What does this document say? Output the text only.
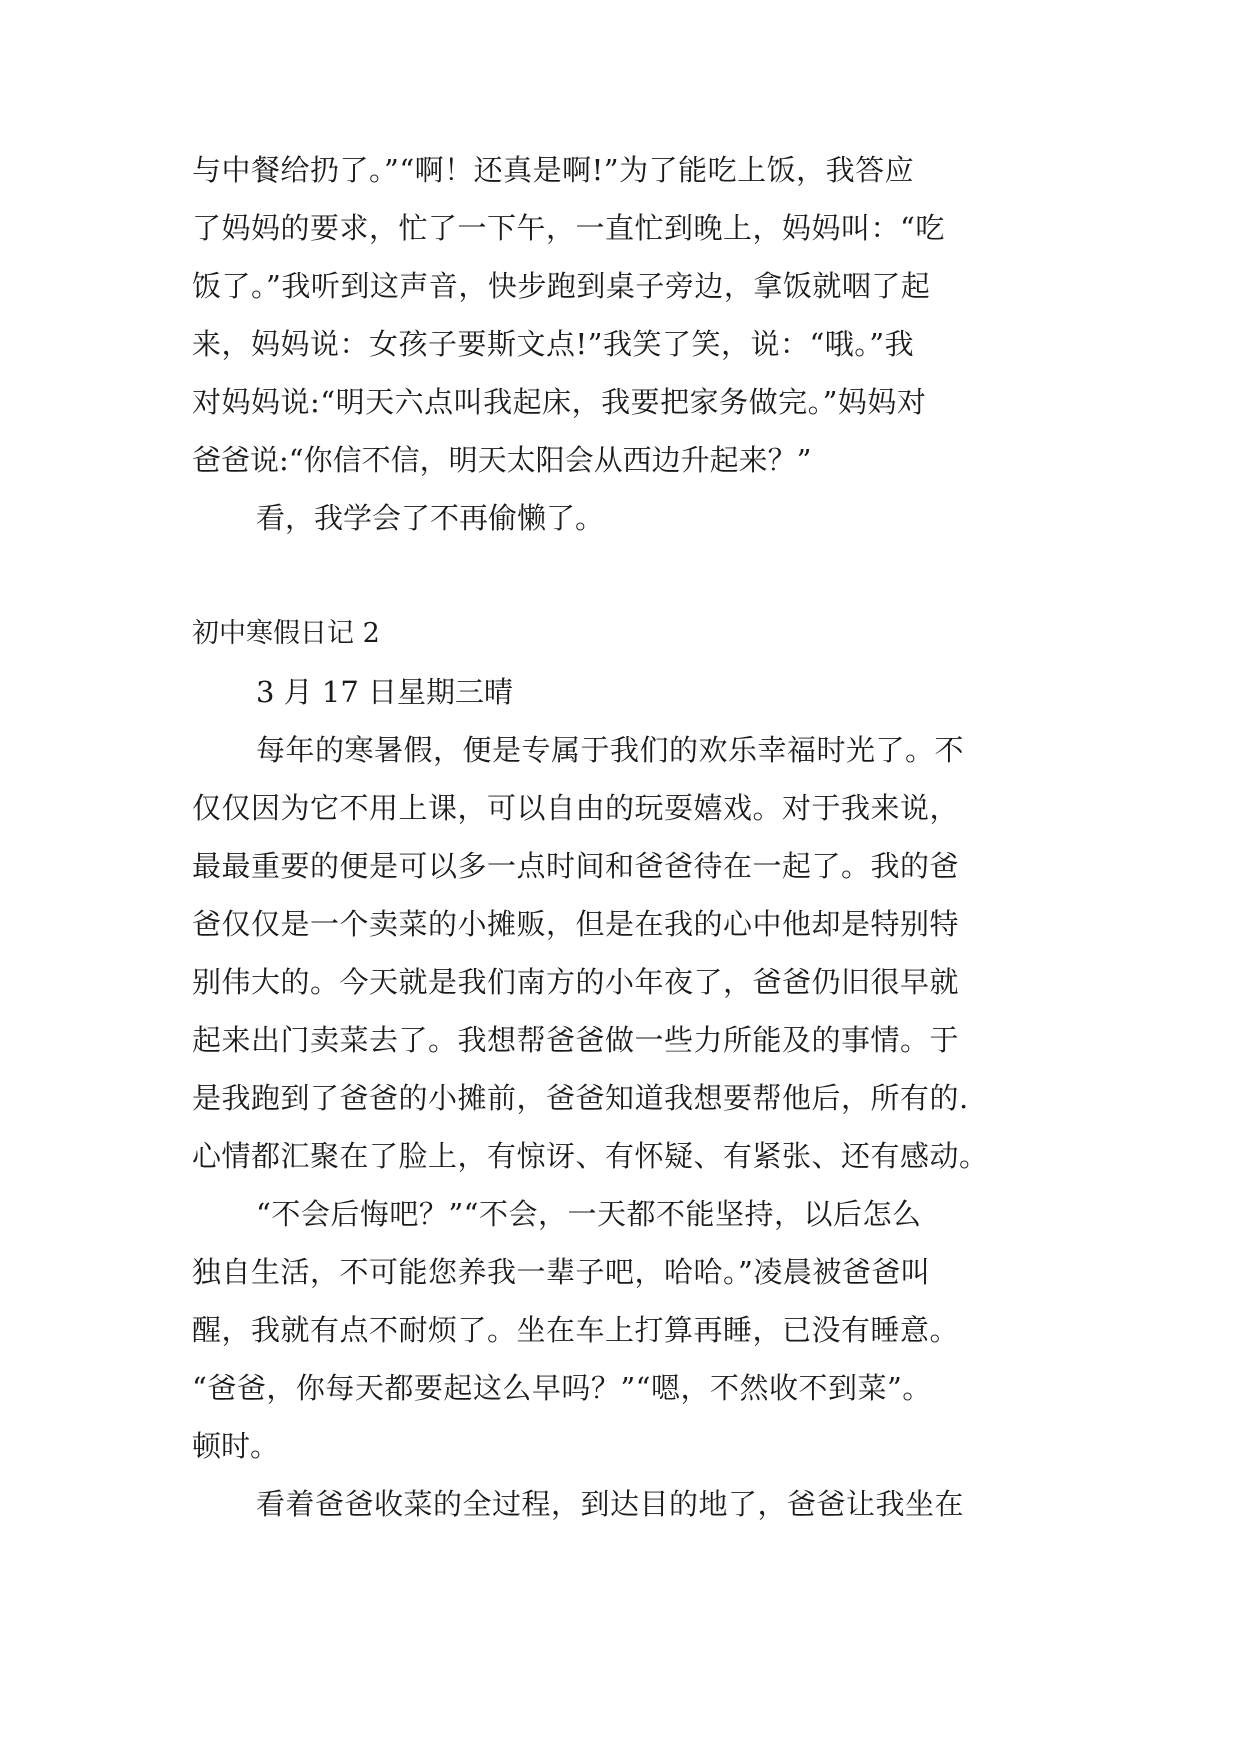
与中餐给扔了。”“啊！还真是啊!”为了能吃上饭，我答应
了妈妈的要求，忙了一下午，一直忙到晚上，妈妈叫：“吃
饭了。”我听到这声音，快步跑到桌子旁边，拿饭就咽了起
来，妈妈说：女孩子要斯文点!”我笑了笑，说：“哦。”我
对妈妈说:“明天六点叫我起床，我要把家务做完。”妈妈对
爸爸说:“你信不信，明天太阳会从西边升起来？”
看，我学会了不再偷懒了。
初中寒假日记 2
3 月 17 日星期三晴
每年的寒暑假，便是专属于我们的欢乐幸福时光了。不
仅仅因为它不用上课，可以自由的玩耍嬉戏。对于我来说，
最最重要的便是可以多一点时间和爸爸待在一起了。我的爸
爸仅仅是一个卖菜的小摊贩，但是在我的心中他却是特别特
别伟大的。今天就是我们南方的小年夜了，爸爸仍旧很早就
起来出门卖菜去了。我想帮爸爸做一些力所能及的事情。于
是我跑到了爸爸的小摊前，爸爸知道我想要帮他后，所有的.
心情都汇聚在了脸上，有惊讶、有怀疑、有紧张、还有感动。
“不会后悔吧？”“不会，一天都不能坚持，以后怎么
独自生活，不可能您养我一辈子吧，哈哈。”凌晨被爸爸叫
醒，我就有点不耐烦了。坐在车上打算再睡，已没有睡意。
“爸爸，你每天都要起这么早吗？”“嗯，不然收不到菜”。
顿时。
看着爸爸收菜的全过程，到达目的地了，爸爸让我坐在
